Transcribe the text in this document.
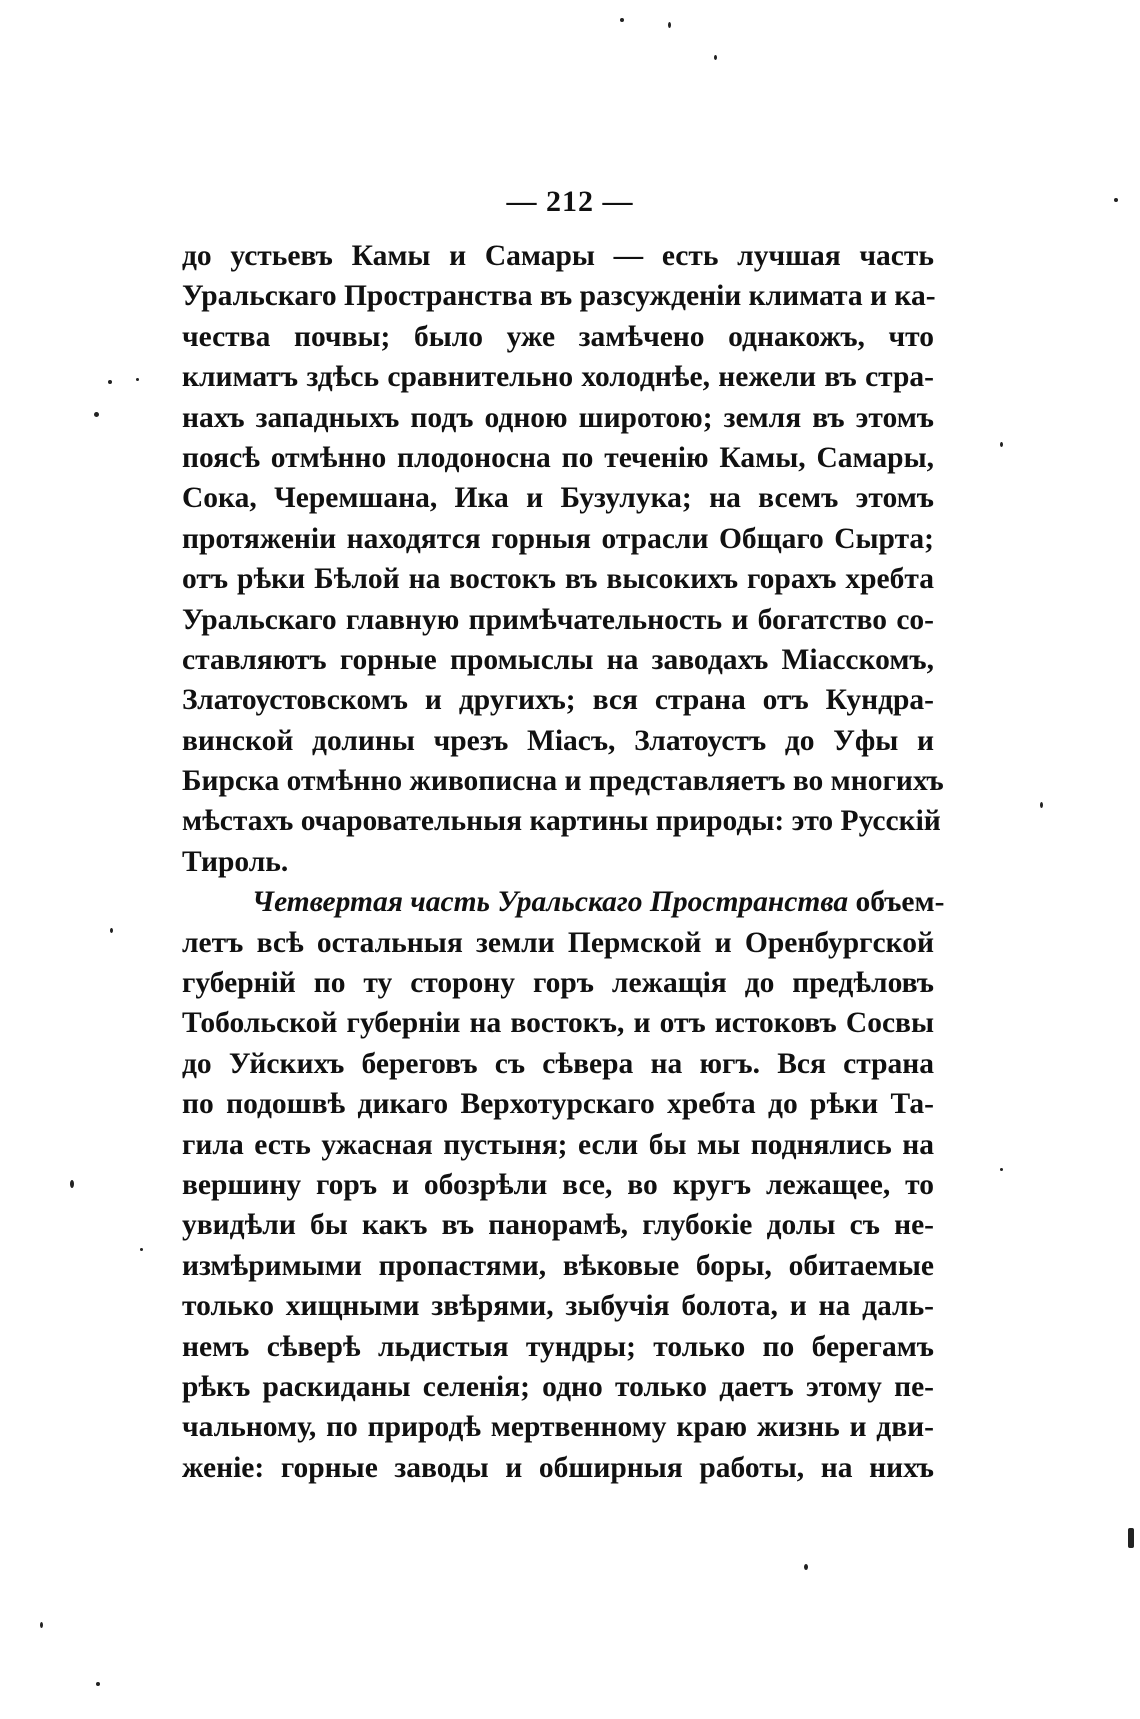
— 212 —
до устьевъ Камы и Самары — есть лучшая часть
Уральскаго Пространства въ разсужденіи климата и ка-
чества почвы; было уже замѣчено однакожъ, что
климатъ здѣсь сравнительно холоднѣе, нежели въ стра-
нахъ западныхъ подъ одною широтою; земля въ этомъ
поясѣ отмѣнно плодоносна по теченію Камы, Самары,
Сока, Черемшана, Ика и Бузулука; на всемъ этомъ
протяженіи находятся горныя отрасли Общаго Сырта;
отъ рѣки Бѣлой на востокъ въ высокихъ горахъ хребта
Уральскаго главную примѣчательность и богатство со-
ставляютъ горные промыслы на заводахъ Міасскомъ,
Златоустовскомъ и другихъ; вся страна отъ Кундра-
винской долины чрезъ Міасъ, Златоустъ до Уфы и
Бирска отмѣнно живописна и представляетъ во многихъ
мѣстахъ очаровательныя картины природы: это Русскій
Тироль.
Четвертая часть Уральскаго Пространства объем-
летъ всѣ остальныя земли Пермской и Оренбургской
губерній по ту сторону горъ лежащія до предѣловъ
Тобольской губерніи на востокъ, и отъ истоковъ Сосвы
до Уйскихъ береговъ съ сѣвера на югъ. Вся страна
по подошвѣ дикаго Верхотурскаго хребта до рѣки Та-
гила есть ужасная пустыня; если бы мы поднялись на
вершину горъ и обозрѣли все, во кругъ лежащее, то
увидѣли бы какъ въ панорамѣ, глубокіе долы съ не-
измѣримыми пропастями, вѣковые боры, обитаемые
только хищными звѣрями, зыбучія болота, и на даль-
немъ сѣверѣ льдистыя тундры; только по берегамъ
рѣкъ раскиданы селенія; одно только даетъ этому пе-
чальному, по природѣ мертвенному краю жизнь и дви-
женіе: горные заводы и обширныя работы, на нихъ
